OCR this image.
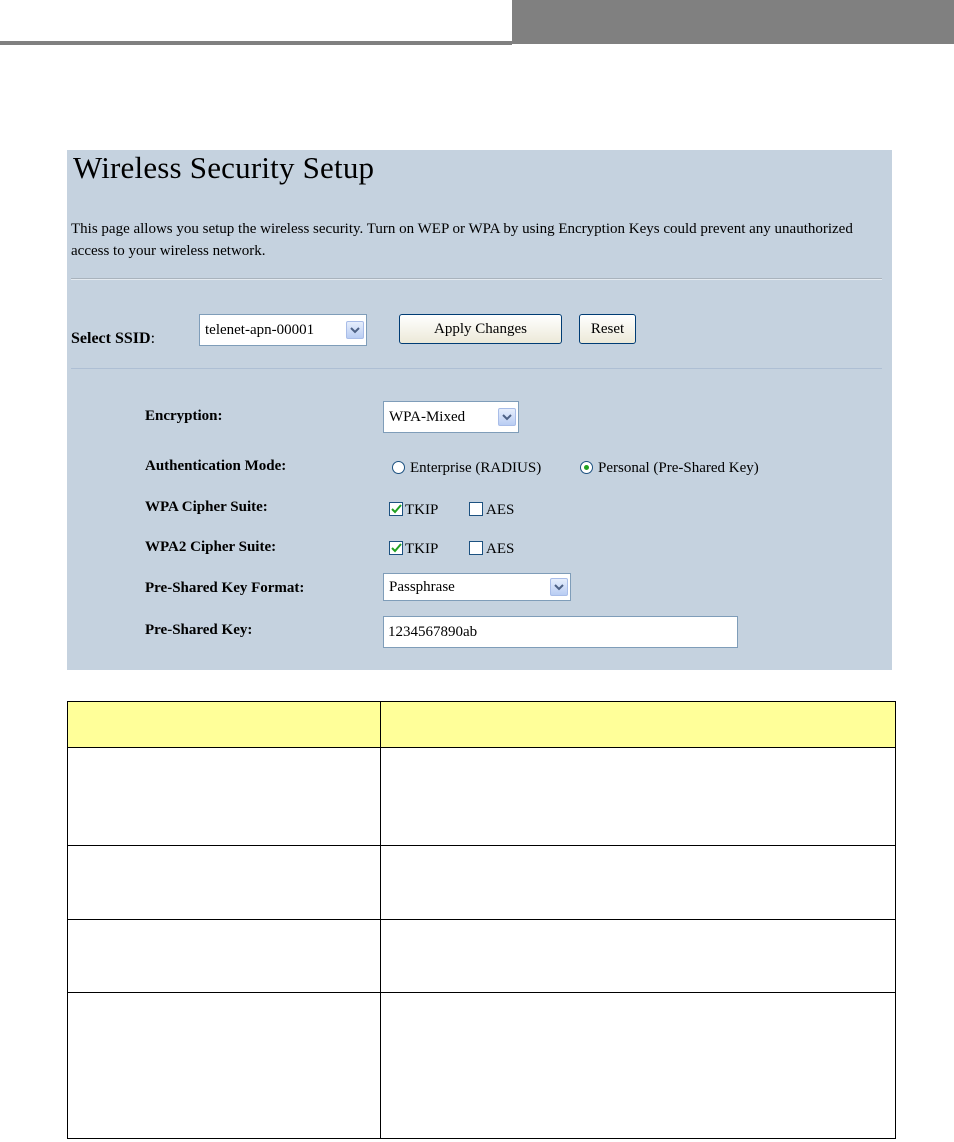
Wireless Security Setup
This page allows you setup the wireless security. Turn on WEP or WPA by using Encryption Keys could prevent any unauthorized access to your wireless network.
Select SSID:
telenet-apn-00001	Apply Changes	Reset
Encryption:	WPA-Mixed
Authentication Mode:	Enterprise (RADIUS)	Personal (Pre-Shared Key)
WPA Cipher Suite:	TKIP	AES
WPA2 Cipher Suite:	TKIP	AES
Pre-Shared Key Format:	Passphrase
Pre-Shared Key:	1234567890ab
